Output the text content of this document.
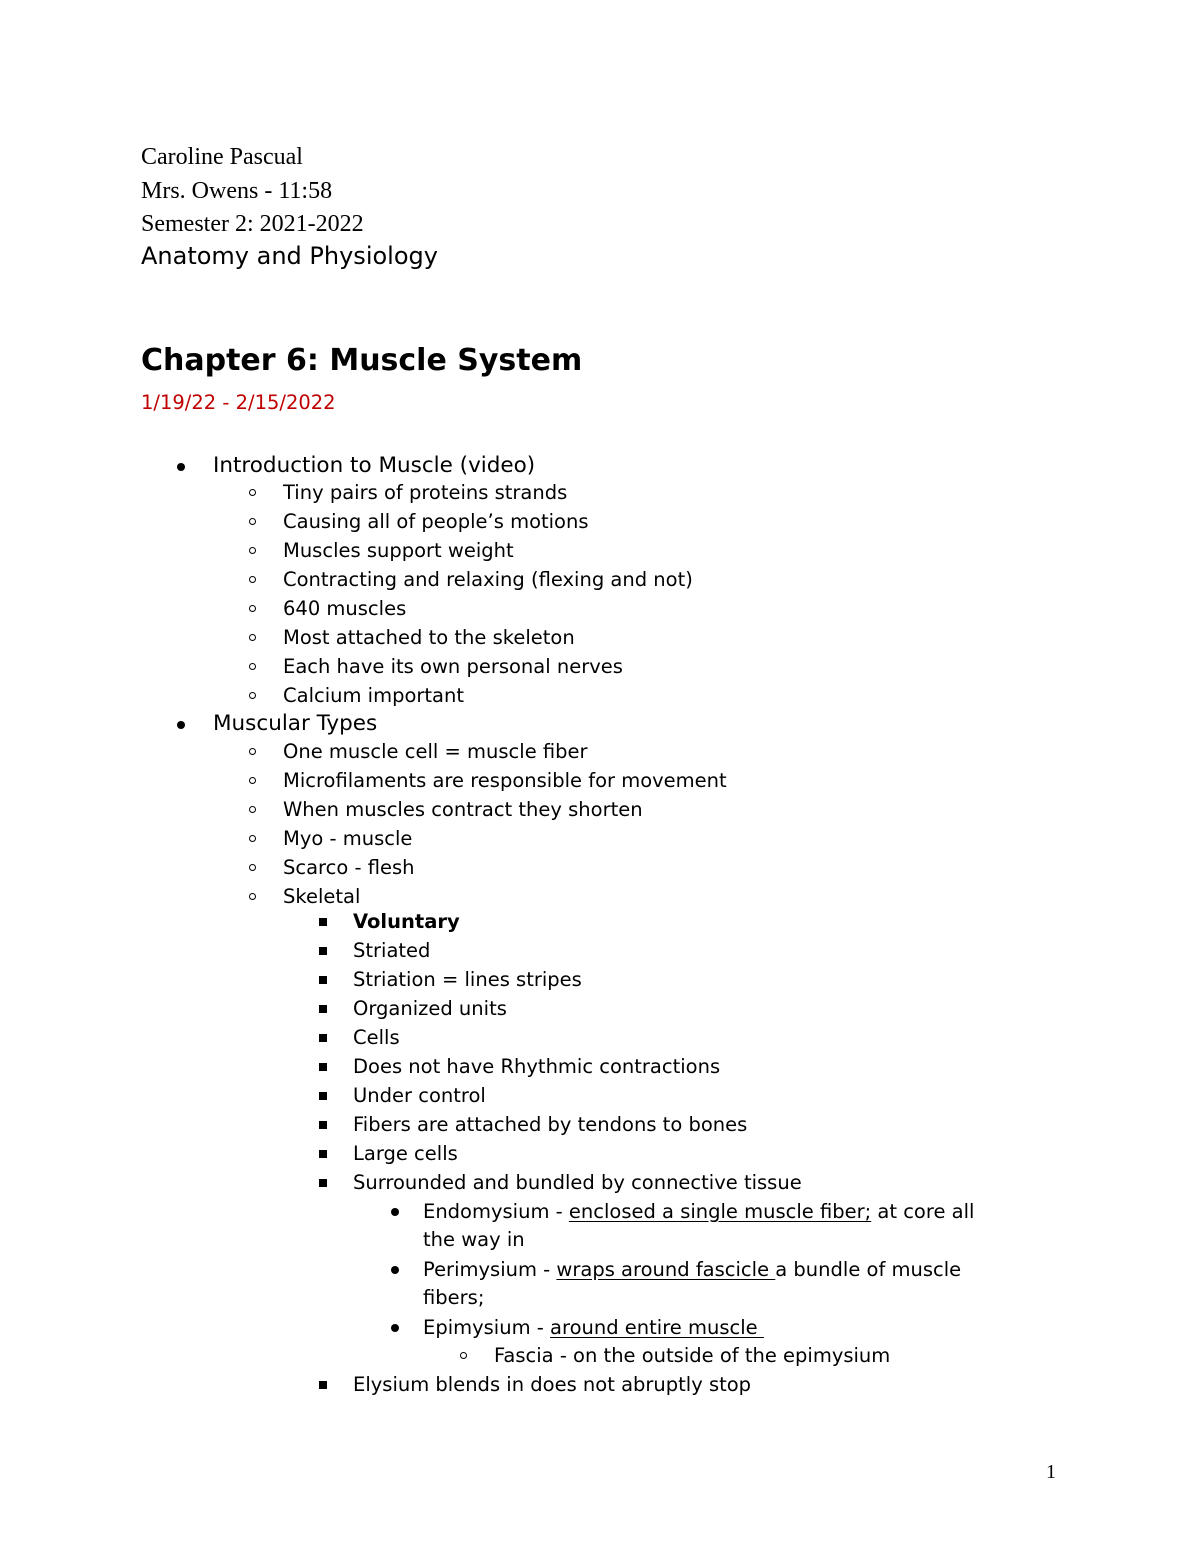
Caroline Pascual
Mrs. Owens - 11:58
Semester 2: 2021-2022
Anatomy and Physiology
Chapter 6: Muscle System
1/19/22 - 2/15/2022
Introduction to Muscle (video)
Tiny pairs of proteins strands
Causing all of people’s motions
Muscles support weight
Contracting and relaxing (flexing and not)
640 muscles
Most attached to the skeleton
Each have its own personal nerves
Calcium important
Muscular Types
One muscle cell = muscle fiber
Microfilaments are responsible for movement
When muscles contract they shorten
Myo - muscle
Scarco - flesh
Skeletal
Voluntary
Striated
Striation = lines stripes
Organized units
Cells
Does not have Rhythmic contractions
Under control
Fibers are attached by tendons to bones
Large cells
Surrounded and bundled by connective tissue
Endomysium - enclosed a single muscle fiber; at core all
the way in
Perimysium - wraps around fascicle a bundle of muscle
fibers;
Epimysium - around entire muscle
Fascia - on the outside of the epimysium
Elysium blends in does not abruptly stop
1
